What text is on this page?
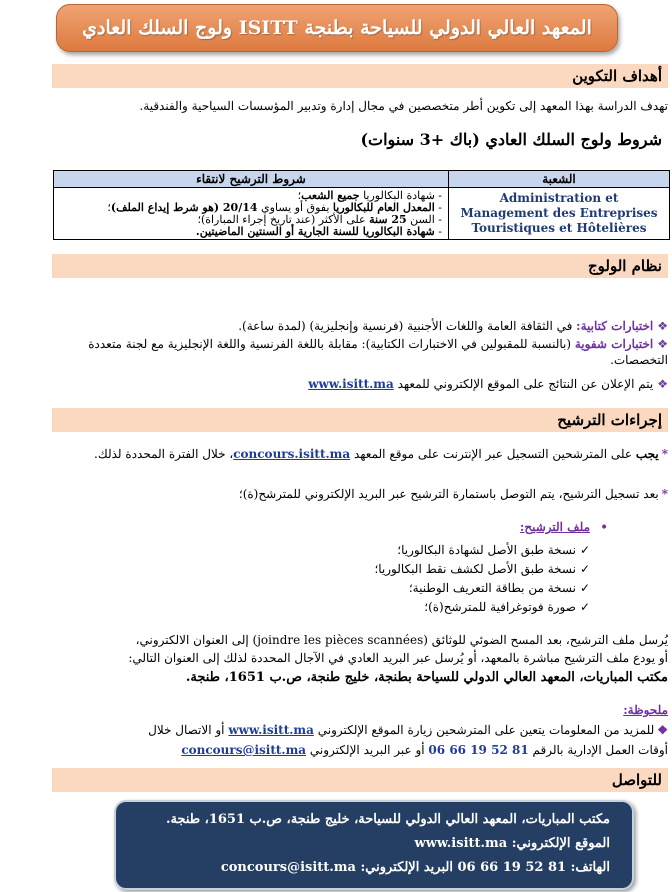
المعهد العالي الدولي للسياحة بطنجة ISITT ولوج السلك العادي
أهداف التكوين
تهدف الدراسة بهذا المعهد إلى تكوين أطر متخصصين في مجال إدارة وتدبير المؤسسات السياحية والفندقية.
شروط ولوج السلك العادي (باك +3 سنوات)
الشعبة
Administration et Management des Entreprises Touristiques et Hôtelières
شروط الترشيح لانتقاء
- شهادة البكالوريا جميع الشعب؛
- المعدل العام للبكالوريا يفوق أو يساوي 20/14 (هو شرط إيداع الملف)؛
- السن 25 سنة على الأكثر (عند تاريخ إجراء المباراة)؛
- شهادة البكالوريا للسنة الجارية أو السنتين الماضيتين.
نظام الولوج
❖اختبارات كتابية: في الثقافة العامة واللغات الأجنبية (فرنسية وإنجليزية) (لمدة ساعة).
❖اختبارات شفوية (بالنسبة للمقبولين في الاختبارات الكتابية): مقابلة باللغة الفرنسية واللغة الإنجليزية مع لجنة متعددة التخصصات.
❖يتم الإعلان عن النتائج على الموقع الإلكتروني للمعهد www.isitt.ma
إجراءات الترشيح
*يجب على المترشحين التسجيل عبر الإنترنت على موقع المعهد concours.isitt.ma، خلال الفترة المحددة لذلك.
*بعد تسجيل الترشيح، يتم التوصل باستمارة الترشيح عبر البريد الإلكتروني للمترشح(ة)؛
•
ملف الترشيح:
✓نسخة طبق الأصل لشهادة البكالوريا؛
✓نسخة طبق الأصل لكشف نقط البكالوريا؛
✓نسخة من بطاقة التعريف الوطنية؛
✓صورة فوتوغرافية للمترشح(ة)؛
يُرسل ملف الترشيح، بعد المسح الضوئي للوثائق (joindre les pièces scannées) إلى العنوان الالكتروني،
أو يودع ملف الترشيح مباشرة بالمعهد، أو يُرسل عبر البريد العادي في الآجال المحددة لذلك إلى العنوان التالي:
مكتب المباريات، المعهد العالي الدولي للسياحة بطنجة، خليج طنجة، ص.ب 1651، طنجة.
ملحوظة:
❖للمزيد من المعلومات يتعين على المترشحين زيارة الموقع الإلكتروني www.isitt.ma أو الاتصال خلال
أوقات العمل الإدارية بالرقم 81 52 19 66 06 أو عبر البريد الإلكتروني concours@isitt.ma
للتواصل
مكتب المباريات، المعهد العالي الدولي للسياحة، خليج طنجة، ص.ب 1651، طنجة.
الموقع الإلكتروني: www.isitt.ma
الهاتف: 81 52 19 66 06 البريد الإلكتروني: concours@isitt.ma
